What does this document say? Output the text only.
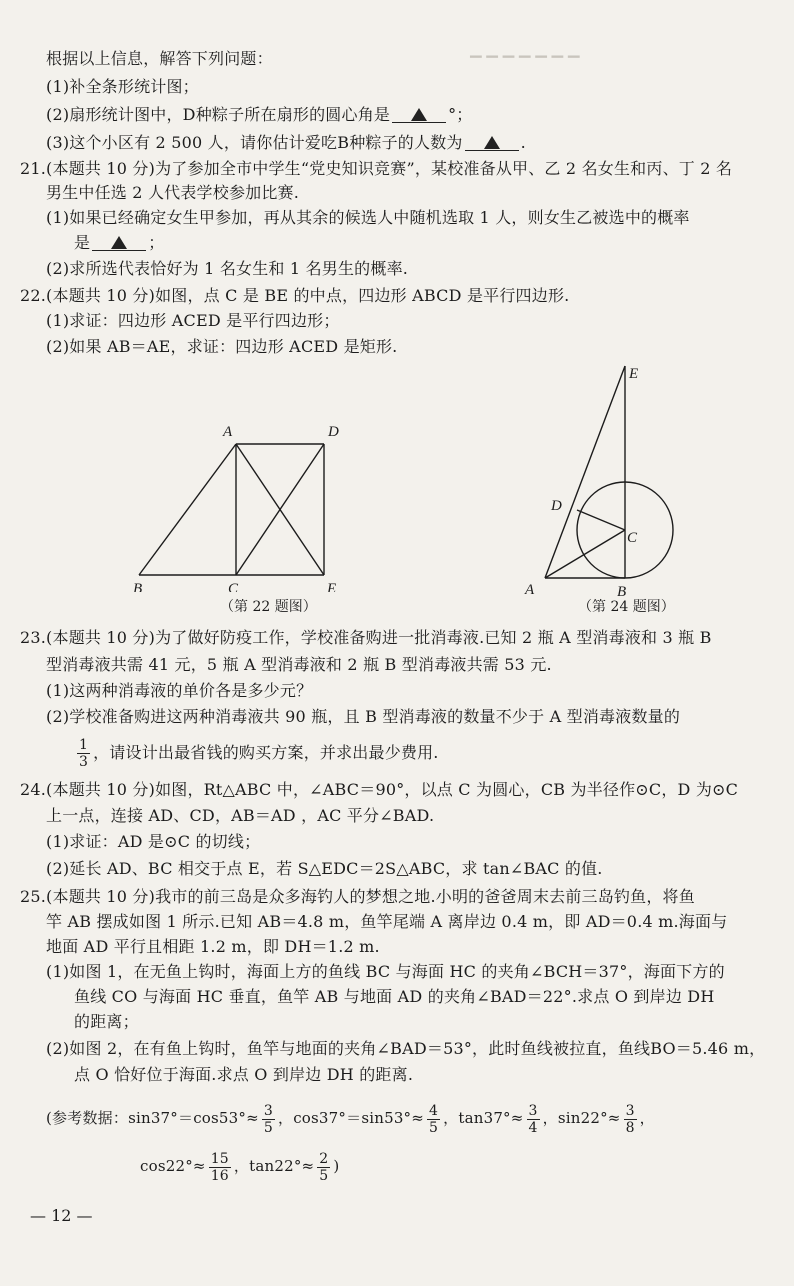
▁ ▁ ▁ ▁ ▁ ▁ ▁
根据以上信息，解答下列问题：
(1)补全条形统计图；
(2)扇形统计图中，D种粽子所在扇形的圆心角是	°；
(3)这个小区有 2 500 人，请你估计爱吃B种粽子的人数为	.
21.(本题共 10 分)为了参加全市中学生“党史知识竞赛”，某校准备从甲、乙 2 名女生和丙、丁 2 名
男生中任选 2 人代表学校参加比赛.
(1)如果已经确定女生甲参加，再从其余的候选人中随机选取 1 人，则女生乙被选中的概率
是	；
(2)求所选代表恰好为 1 名女生和 1 名男生的概率.
22.(本题共 10 分)如图，点 C 是 BE 的中点，四边形 ABCD 是平行四边形.
(1)求证：四边形 ACED 是平行四边形；
(2)如果 AB＝AE，求证：四边形 ACED 是矩形.
A	D
B	C	E
（第 22 题图）
E
D
C
A	B
（第 24 题图）
23.(本题共 10 分)为了做好防疫工作，学校准备购进一批消毒液.已知 2 瓶 A 型消毒液和 3 瓶 B
型消毒液共需 41 元，5 瓶 A 型消毒液和 2 瓶 B 型消毒液共需 53 元.
(1)这两种消毒液的单价各是多少元？
(2)学校准备购进这两种消毒液共 90 瓶，且 B 型消毒液的数量不少于 A 型消毒液数量的
$\frac{1}{3}$ ，请设计出最省钱的购买方案，并求出最少费用.
24.(本题共 10 分)如图，Rt△ABC 中，∠ABC＝90°，以点 C 为圆心，CB 为半径作⊙C，D 为⊙C
上一点，连接 AD、CD，AB＝AD ，AC 平分∠BAD.
(1)求证：AD 是⊙C 的切线；
(2)延长 AD、BC 相交于点 E，若 S△EDC＝2S△ABC，求 tan∠BAC 的值.
25.(本题共 10 分)我市的前三岛是众多海钓人的梦想之地.小明的爸爸周末去前三岛钓鱼，将鱼
竿 AB 摆成如图 1 所示.已知 AB＝4.8 m，鱼竿尾端 A 离岸边 0.4 m，即 AD＝0.4 m.海面与
地面 AD 平行且相距 1.2 m，即 DH＝1.2 m.
(1)如图 1，在无鱼上钩时，海面上方的鱼线 BC 与海面 HC 的夹角∠BCH＝37°，海面下方的
鱼线 CO 与海面 HC 垂直，鱼竿 AB 与地面 AD 的夹角∠BAD＝22°.求点 O 到岸边 DH
的距离；
(2)如图 2，在有鱼上钩时，鱼竿与地面的夹角∠BAD＝53°，此时鱼线被拉直，鱼线BO＝5.46 m，
点 O 恰好位于海面.求点 O 到岸边 DH 的距离.
(参考数据：$\sin 37^\circ=\cos 53^\circ\approx \frac{3}{5}$ ，$\cos 37^\circ=\sin 53^\circ\approx \frac{4}{5}$ ，$\tan 37^\circ\approx \frac{3}{4}$ ，$\sin 22^\circ\approx \frac{3}{8}$ ，
$\cos 22^\circ\approx \frac{15}{16}$ ，$\tan 22^\circ\approx \frac{2}{5}$ )
— 12 —
